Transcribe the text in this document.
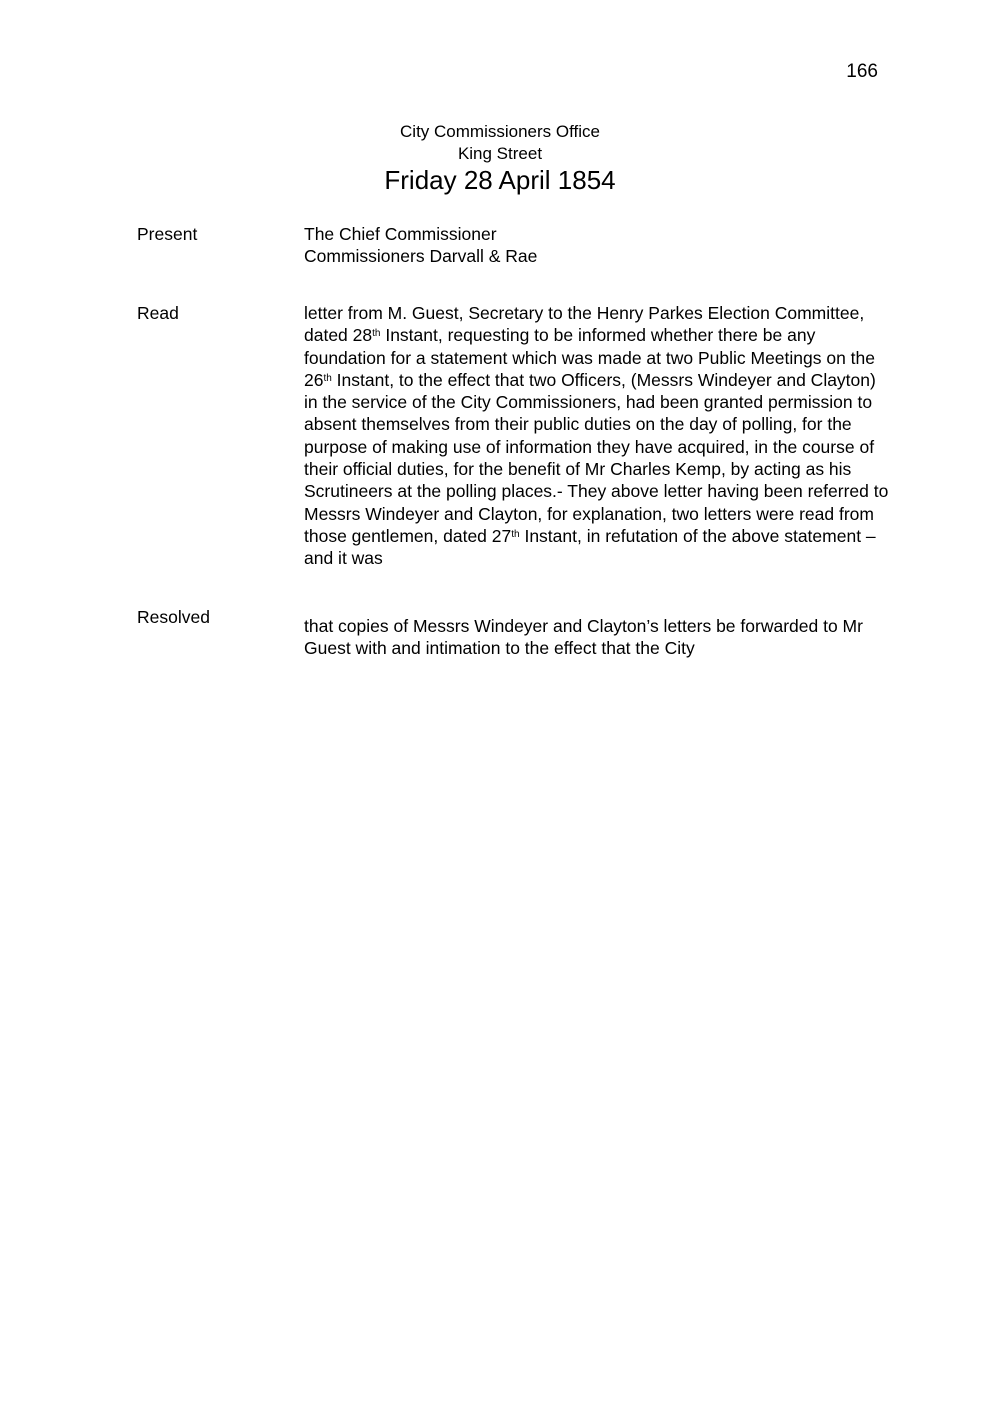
166
City Commissioners Office
King Street
Friday 28 April 1854
Present	The Chief Commissioner
Commissioners Darvall & Rae
Read	letter from M. Guest, Secretary to the Henry Parkes Election Committee,
dated 28th Instant, requesting to be informed whether there be any
foundation for a statement which was made at two Public Meetings on the
26th Instant, to the effect that two Officers, (Messrs Windeyer and Clayton)
in the service of the City Commissioners, had been granted permission to
absent themselves from their public duties on the day of polling, for the
purpose of making use of information they have acquired, in the course of
their official duties, for the benefit of Mr Charles Kemp, by acting as his
Scrutineers at the polling places.- They above letter having been referred to
Messrs Windeyer and Clayton, for explanation, two letters were read from
those gentlemen, dated 27th Instant, in refutation of the above statement –
and it was
Resolved	that copies of Messrs Windeyer and Clayton’s letters be forwarded to Mr
Guest with and intimation to the effect that the City
